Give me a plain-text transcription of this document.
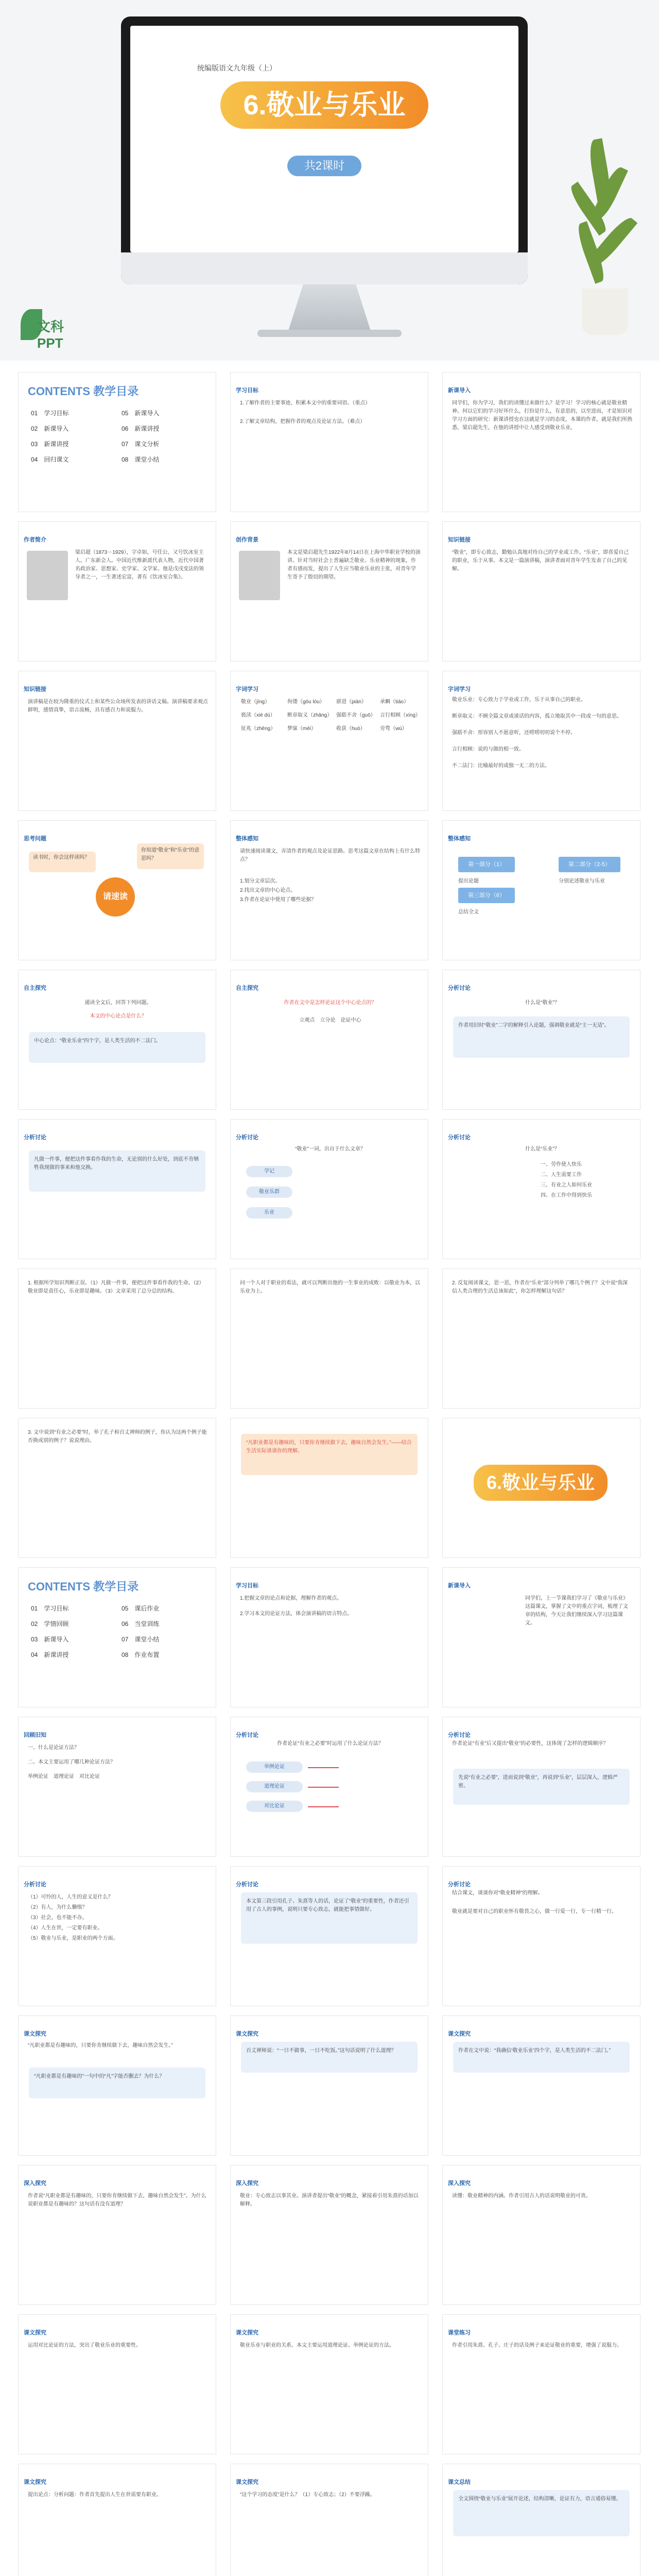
统编版语文九年级（上）
6.敬业与乐业
共2课时
文科PPT
CONTENTS 教学目录
01　学习目标
02　新课导入
03　新课讲授
04　回归课文
05　新课导入
06　新课讲授
07　课文分析
08　课堂小结
学习目标
1.了解作者的主要事迹，积累本文中的重要词语。（重点）
2.了解文章结构，把握作者的观点及论证方法。（难点）
新课导入
同学们，你为学习，我们的读懂过来做什么？是学习！学习的核心就是敬业精神。何以它们的学习好坏什么，打扮是什么，有意思的，以至进而，才是知识对学习方面的研究：新课讲授也在这就是学习的态度，本课的作者，就是我们所熟悉，梁启超先生，在他的讲授中让人感受到敬业乐业。
作者简介
梁启超（1873－1929），字卓如，号任公，又号饮冰室主人。广东新会人。中国近代维新派代表人物，近代中国著名政治家、思想家、史学家、文学家。他是戊戌变法的领导者之一，一生著述宏富，著有《饮冰室合集》。
创作背景
本文是梁启超先生1922年8月14日在上海中华职业学校的演讲。针对当时社会上普遍缺乏敬业、乐业精神的现象，作者有感而发，提出了人生应当敬业乐业的主张，对青年学生寄予了殷切的期望。
知识链接
“敬业”，即专心致志，勤勉认真地对待自己的学业或工作。“乐业”，即喜爱自己的职业，乐于从事。本文是一篇演讲稿，演讲者面对青年学生发表了自己的见解。
知识链接
演讲稿是在较为隆重的仪式上和某些公众场所发表的讲话文稿。演讲稿要求观点鲜明，感情真挚，语言流畅，具有感召力和说服力。
字词学习
敬业（jìng）	佝偻（gōu lóu）	骈进（pián）	承蜩（tiáo）
亵渎（xiè dú）	断章取义（zhāng） 强聒不舍（guō） 言行相顾（xíng）
征兆（zhēng）	梦寐（mèi）	收获（huò）	旁骛（wù）
字词学习
敬业乐业：专心致力于学业或工作，乐于从事自己的职业。
断章取义：不顾全篇文章或谈话的内容，孤立地取其中一段或一句的意思。
强聒不舍：形容别人不愿意听，还唠唠叨叨说个不停。
言行相顾：说的与做的相一致。
不二法门：比喻最好的或独一无二的方法。
思考问题
读书时，你会这样读吗？
你知道“敬业”和“乐业”的意思吗？
请速读
整体感知
请快速阅读课文，弄清作者的观点及论证思路。思考这篇文章在结构上有什么特点？
1.划分文章层次。
2.找出文章的中心论点。
3.作者在论证中使用了哪些论据？
整体感知
第一部分（1）	第二部分（2-5）
第三部分（6）
提出论题	分别论述敬业与乐业
总结全文
自主探究
通读全文后，回答下列问题。
本文的中心论点是什么？
中心论点：“敬业乐业”四个字，是人类生活的不二法门。
自主探究
作者在文中是怎样论证这个中心论点的？
立观点　立分论　论证中心
分析讨论
什么是“敬业”？
作者用旧时“敬业”二字的解释引入论题，强调敬业就是“主一无适”。
分析讨论
凡做一件事，便把这件事看作我的生命，无论别的什么好处，到底不肯牺牲我现做的事来和他交换。
分析讨论
“敬业”一词，出自于什么文章？
学记
敬业乐群
乐业
分析讨论
什么是“乐业”？
一、劳作使人快乐
二、人生需要工作
三、有业之人如何乐业
四、在工作中得到快乐
1. 根据所学知识判断正误。（1）凡做一件事，便把这件事看作我的生命。（2）敬业即是责任心，乐业即是趣味。（3）文章采用了总分总的结构。
问一个人对于职业的看法，就可以判断出他的一生事业的成败：以敬业为本，以乐业为上。
2. 反复阅读课文，思一思，作者在“乐业”部分列举了哪几个例子？文中说“我深信人类合理的生活总该如此”，你怎样理解这句话？
3. 文中说到“有业之必要”时，举了孔子和百丈禅师的例子，你认为这两个例子能否换成别的例子？说说理由。	“凡职业都是有趣味的，只要你肯继续做下去，趣味自然会发生。”——结合生活实际谈谈你的理解。
6.敬业与乐业
CONTENTS 教学目录
01　学习目标
02　学情回顾
03　新课导入
04　新课讲授
05　课后作业
06　当堂训练
07　课堂小结
08　作业布置
学习目标
1.把握文章的论点和论据，理解作者的观点。
2.学习本文的论证方法，体会演讲稿的语言特点。
新课导入
同学们，上一节课我们学习了《敬业与乐业》这篇课文，掌握了文中的重点字词，梳理了文章的结构，今天让我们继续深入学习这篇课文。
回顾旧知
一、什么是论证方法？
二、本文主要运用了哪几种论证方法？
举例论证　道理论证　对比论证
分析讨论
作者论证“有业之必要”时运用了什么论证方法？
举例论证
道理论证
对比论证
分析讨论
作者论证“有业”后又提出“敬业”的必要性，这体现了怎样的逻辑顺序？
先说“有业之必要”，进而说到“敬业”，再说到“乐业”，层层深入，逻辑严密。
分析讨论
（1）可怜的人，人生的意义是什么？
（2）有人，为什么懒惰？
（3）社会，也不能不办。
（4）人生在世，一定要有职业。
（5）敬业与乐业，是职业的两个方面。
分析讨论
本文第三段引用孔子、朱熹等人的话，论证了“敬业”的重要性，作者还引用了古人的事例，说明只要专心致志，就能把事情做好。
分析讨论
结合课文，谈谈你对“敬业精神”的理解。
敬业就是要对自己的职业怀有敬畏之心，做一行爱一行，专一行精一行。
课文探究
“凡职业都是有趣味的，只要你肯继续做下去，趣味自然会发生。”
“凡职业都是有趣味的”一句中的“凡”字能否删去？为什么？
课文探究
百丈禅师说：“一日不做事，一日不吃饭。”这句话说明了什么道理？
课文探究
作者在文中说：“我确信‘敬业乐业’四个字，是人类生活的不二法门。”
深入探究
作者说“凡职业都是有趣味的，只要你肯继续做下去，趣味自然会发生”。为什么说职业都是有趣味的？这句话有没有道理？
深入探究
敬业：专心致志以事其业。演讲者提出“敬业”的概念，紧接着引用朱熹的话加以解释。
深入探究
读懂：敬业精神的内涵。作者引用古人的话说明敬业的可贵。
课文探究
运用对比论证的方法，突出了敬业乐业的重要性。
课文探究
敬业乐业与职业的关系。本文主要运用道理论证、举例论证的方法。
课堂练习
作者引用朱熹、孔子、庄子的话及例子来论证敬业的重要，增强了说服力。
课文探究
提出论点：分析问题：作者首先提出人生在世需要有职业。
课文探究
“这个学习的态度”是什么？（1）专心致志；（2）不要浮躁。
课文总结
全文围绕“敬业与乐业”展开论述，结构清晰，论证有力，语言通俗易懂。
